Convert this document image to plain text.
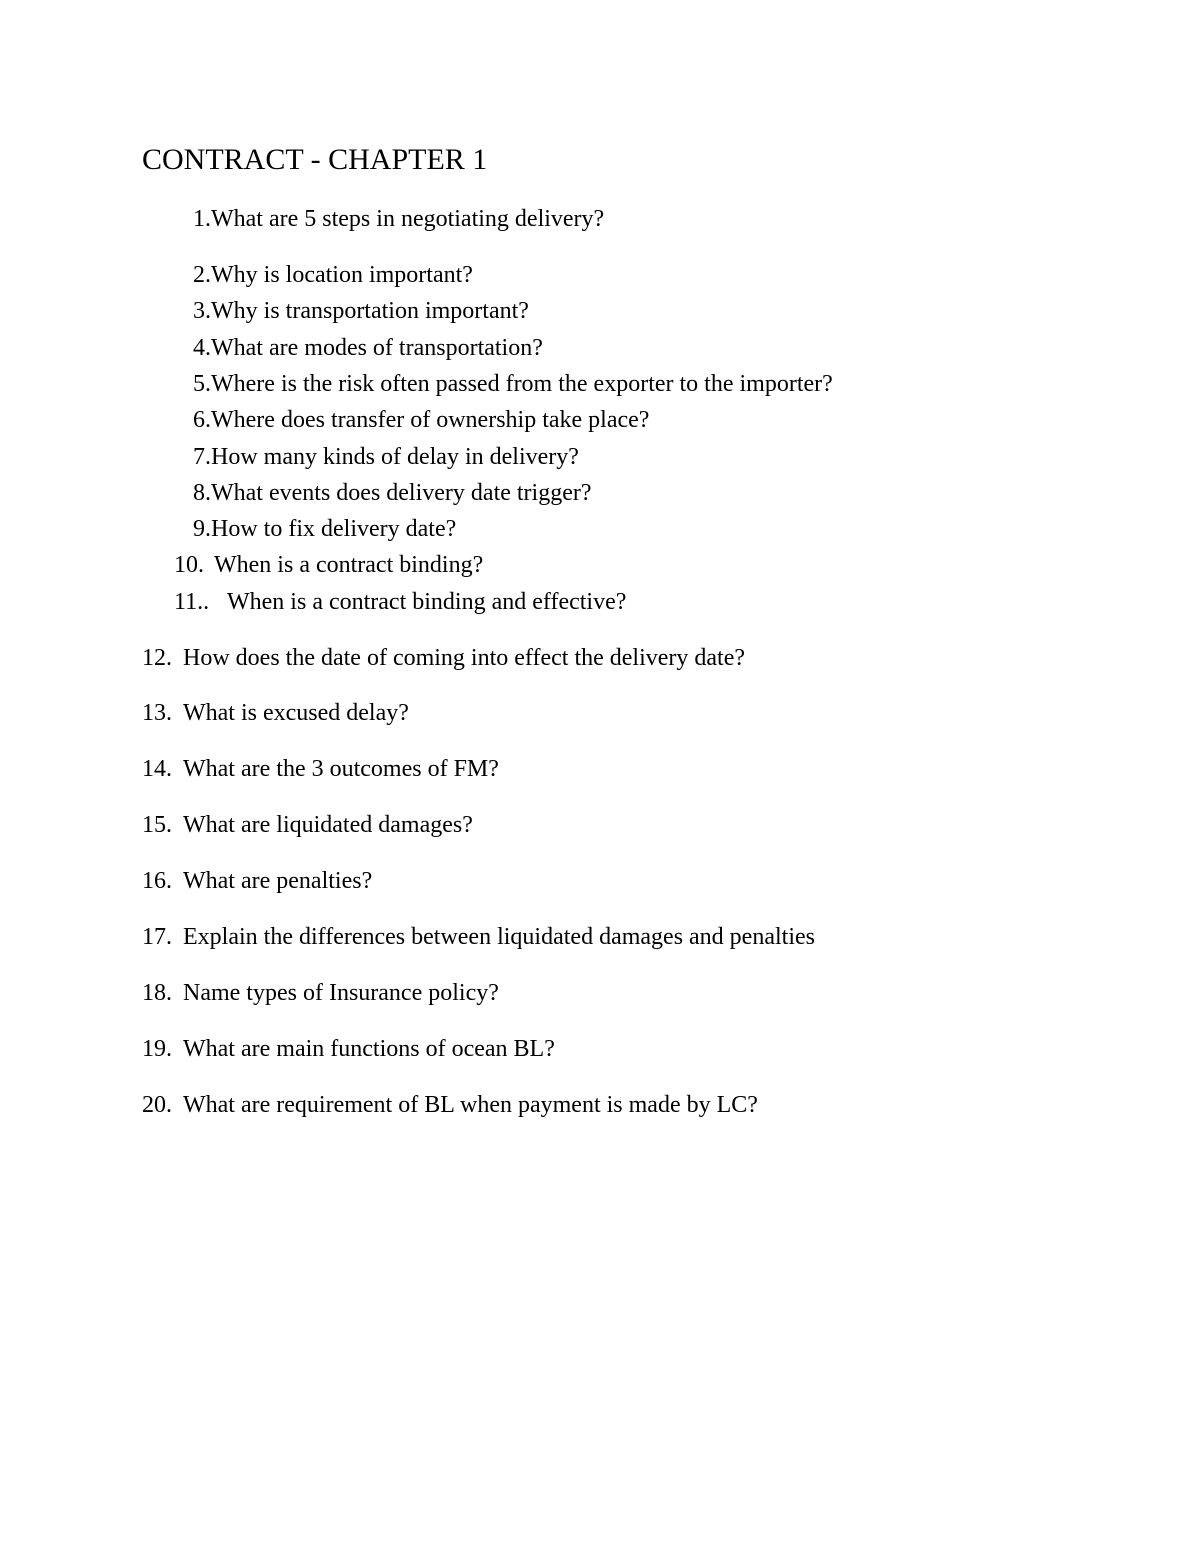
CONTRACT - CHAPTER 1
1. What are 5 steps in negotiating delivery?
2. Why is location important?
3. Why is transportation important?
4. What are modes of transportation?
5. Where is the risk often passed from the exporter to the importer?
6. Where does transfer of ownership take place?
7. How many kinds of delay in delivery?
8. What events does delivery date trigger?
9. How to fix delivery date?
10. When is a contract binding?
11.. When is a contract binding and effective?
12. How does the date of coming into effect the delivery date?
13. What is excused delay?
14. What are the 3 outcomes of FM?
15. What are liquidated damages?
16. What are penalties?
17. Explain the differences between liquidated damages and penalties
18. Name types of Insurance policy?
19. What are main functions of ocean BL?
20. What are requirement of BL when payment is made by LC?
